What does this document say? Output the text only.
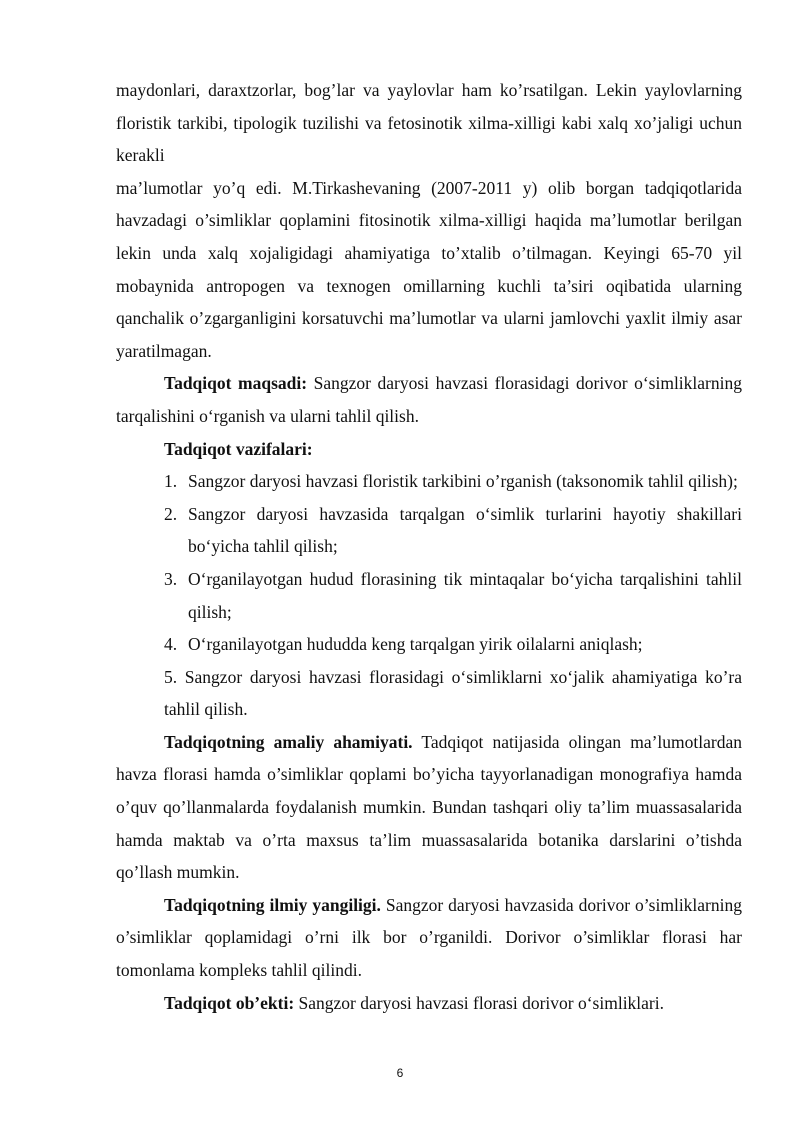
maydonlari, daraxtzorlar, bog’lar va yaylovlar ham ko’rsatilgan. Lekin yaylovlarning floristik tarkibi, tipologik tuzilishi va fetosinotik xilma-xilligi kabi xalq xo’jaligi uchun kerakli

ma’lumotlar yo’q edi. M.Tirkashevaning (2007-2011 y) olib borgan tadqiqotlarida havzadagi o’simliklar qoplamini fitosinotik xilma-xilligi haqida ma’lumotlar berilgan lekin unda xalq xojaligidagi ahamiyatiga to’xtalib o’tilmagan. Keyingi 65-70 yil mobaynida antropogen va texnogen omillarning kuchli ta’siri oqibatida ularning qanchalik o’zgarganligini korsatuvchi ma’lumotlar va ularni jamlovchi yaxlit ilmiy asar yaratilmagan.

Tadqiqot maqsadi: Sangzor daryosi havzasi florasidagi dorivor o‘simliklarning tarqalishini o‘rganish va ularni tahlil qilish.

Tadqiqot vazifalari:

1. Sangzor daryosi havzasi floristik tarkibini o’rganish (taksonomik tahlil qilish);
2. Sangzor daryosi havzasida tarqalgan o‘simlik turlarini hayotiy shakillari bo‘yicha tahlil qilish;
3. O‘rganilayotgan hudud florasining tik mintaqalar bo‘yicha tarqalishini tahlil qilish;
4. O‘rganilayotgan hududda keng tarqalgan yirik oilalarni aniqlash;
5. Sangzor daryosi havzasi florasidagi o‘simliklarni xo‘jalik ahamiyatiga ko’ra tahlil qilish.

Tadqiqotning amaliy ahamiyati. Tadqiqot natijasida olingan ma’lumotlardan havza florasi hamda o’simliklar qoplami bo’yicha tayyorlanadigan monografiya hamda o’quv qo’llanmalarda foydalanish mumkin. Bundan tashqari oliy ta’lim muassasalarida hamda maktab va o’rta maxsus ta’lim muassasalarida botanika darslarini o’tishda qo’llash mumkin.

Tadqiqotning ilmiy yangiligi. Sangzor daryosi havzasida dorivor o’simliklarning o’simliklar qoplamidagi o’rni ilk bor o’rganildi. Dorivor o’simliklar florasi har tomonlama kompleks tahlil qilindi.

Tadqiqot ob’ekti: Sangzor daryosi havzasi florasi dorivor o‘simliklari.

6
